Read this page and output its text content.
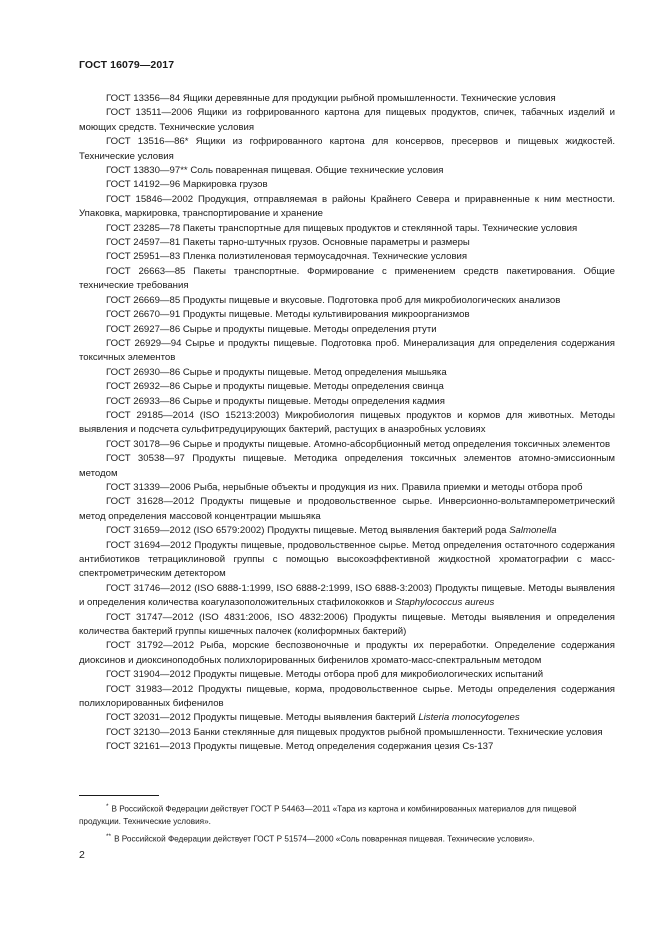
ГОСТ 16079—2017

ГОСТ 13356—84 Ящики деревянные для продукции рыбной промышленности. Технические условия

ГОСТ 13511—2006 Ящики из гофрированного картона для пищевых продуктов, спичек, табачных изделий и моющих средств. Технические условия

ГОСТ 13516—86* Ящики из гофрированного картона для консервов, пресервов и пищевых жидкостей. Технические условия

ГОСТ 13830—97** Соль поваренная пищевая. Общие технические условия

ГОСТ 14192—96 Маркировка грузов

ГОСТ 15846—2002 Продукция, отправляемая в районы Крайнего Севера и приравненные к ним местности. Упаковка, маркировка, транспортирование и хранение

ГОСТ 23285—78 Пакеты транспортные для пищевых продуктов и стеклянной тары. Технические условия

ГОСТ 24597—81 Пакеты тарно-штучных грузов. Основные параметры и размеры

ГОСТ 25951—83 Пленка полиэтиленовая термоусадочная. Технические условия

ГОСТ 26663—85 Пакеты транспортные. Формирование с применением средств пакетирования. Общие технические требования

ГОСТ 26669—85 Продукты пищевые и вкусовые. Подготовка проб для микробиологических анализов

ГОСТ 26670—91 Продукты пищевые. Методы культивирования микроорганизмов

ГОСТ 26927—86 Сырье и продукты пищевые. Методы определения ртути

ГОСТ 26929—94 Сырье и продукты пищевые. Подготовка проб. Минерализация для определения содержания токсичных элементов

ГОСТ 26930—86 Сырье и продукты пищевые. Метод определения мышьяка

ГОСТ 26932—86 Сырье и продукты пищевые. Методы определения свинца

ГОСТ 26933—86 Сырье и продукты пищевые. Методы определения кадмия

ГОСТ 29185—2014 (ISO 15213:2003) Микробиология пищевых продуктов и кормов для животных. Методы выявления и подсчета сульфитредуцирующих бактерий, растущих в анаэробных условиях

ГОСТ 30178—96 Сырье и продукты пищевые. Атомно-абсорбционный метод определения токсичных элементов

ГОСТ 30538—97 Продукты пищевые. Методика определения токсичных элементов атомно-эмиссионным методом

ГОСТ 31339—2006 Рыба, нерыбные объекты и продукция из них. Правила приемки и методы отбора проб

ГОСТ 31628—2012 Продукты пищевые и продовольственное сырье. Инверсионно-вольтамперометрический метод определения массовой концентрации мышьяка

ГОСТ 31659—2012 (ISO 6579:2002) Продукты пищевые. Метод выявления бактерий рода Salmonella

ГОСТ 31694—2012 Продукты пищевые, продовольственное сырье. Метод определения остаточного содержания антибиотиков тетрациклиновой группы с помощью высокоэффективной жидкостной хроматографии с масс-спектрометрическим детектором

ГОСТ 31746—2012 (ISO 6888-1:1999, ISO 6888-2:1999, ISO 6888-3:2003) Продукты пищевые. Методы выявления и определения количества коагулазоположительных стафилококков и Staphylococcus aureus

ГОСТ 31747—2012 (ISO 4831:2006, ISO 4832:2006) Продукты пищевые. Методы выявления и определения количества бактерий группы кишечных палочек (колиформных бактерий)

ГОСТ 31792—2012 Рыба, морские беспозвоночные и продукты их переработки. Определение содержания диоксинов и диоксиноподобных полихлорированных бифенилов хромато-масс-спектральным методом

ГОСТ 31904—2012 Продукты пищевые. Методы отбора проб для микробиологических испытаний

ГОСТ 31983—2012 Продукты пищевые, корма, продовольственное сырье. Методы определения содержания полихлорированных бифенилов

ГОСТ 32031—2012 Продукты пищевые. Методы выявления бактерий Listeria monocytogenes

ГОСТ 32130—2013 Банки стеклянные для пищевых продуктов рыбной промышленности. Технические условия

ГОСТ 32161—2013 Продукты пищевые. Метод определения содержания цезия Cs-137

* В Российской Федерации действует ГОСТ Р 54463—2011 «Тара из картона и комбинированных материалов для пищевой продукции. Технические условия».

** В Российской Федерации действует ГОСТ Р 51574—2000 «Соль поваренная пищевая. Технические условия».

2
